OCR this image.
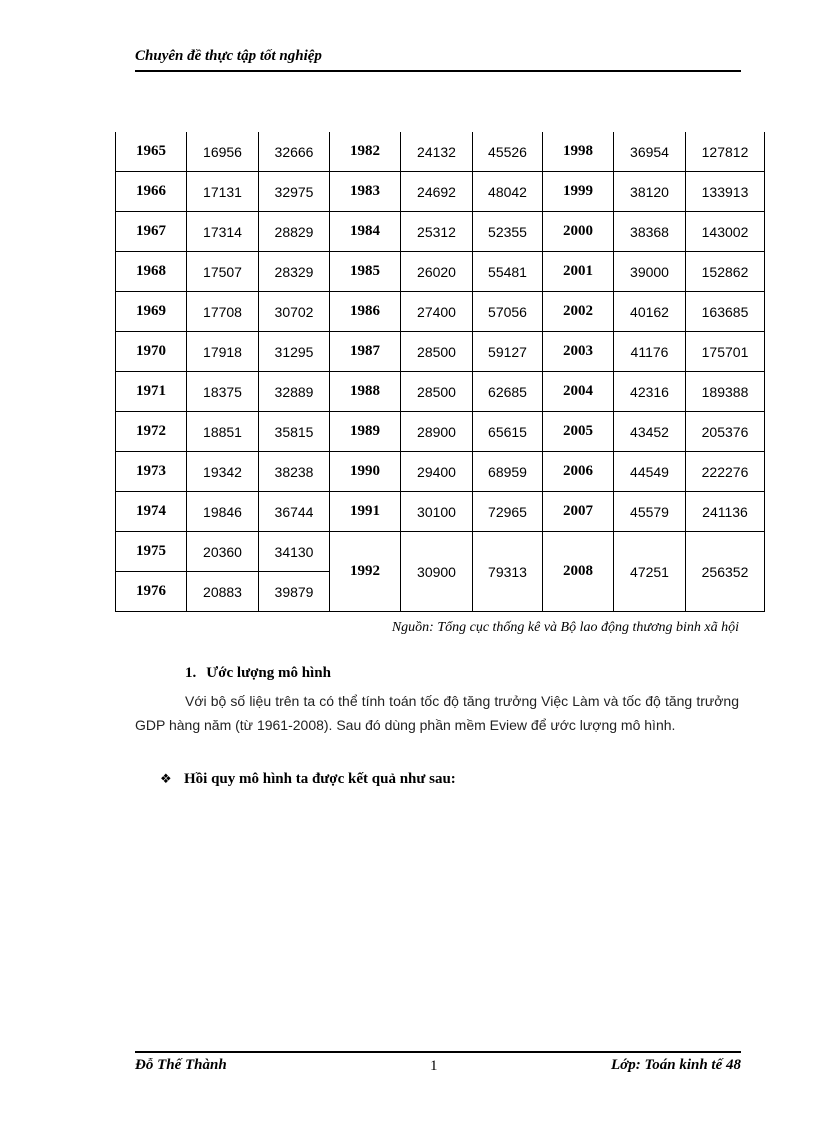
Chuyên đề thực tập tốt nghiệp
1965	16956	32666	1982	24132	45526	1998	36954	127812
1966	17131	32975	1983	24692	48042	1999	38120	133913
1967	17314	28829	1984	25312	52355	2000	38368	143002
1968	17507	28329	1985	26020	55481	2001	39000	152862
1969	17708	30702	1986	27400	57056	2002	40162	163685
1970	17918	31295	1987	28500	59127	2003	41176	175701
1971	18375	32889	1988	28500	62685	2004	42316	189388
1972	18851	35815	1989	28900	65615	2005	43452	205376
1973	19342	38238	1990	29400	68959	2006	44549	222276
1974	19846	36744	1991	30100	72965	2007	45579	241136
1975	20360	34130	1992	30900	79313	2008	47251	256352
1976	20883	39879						
Nguồn: Tổng cục thống kê và Bộ lao động thương binh xã hội
1. Ước lượng mô hình
Với bộ số liệu trên ta có thể tính toán tốc độ tăng trưởng Việc Làm và tốc độ tăng trưởng GDP hàng năm (từ 1961-2008). Sau đó dùng phần mềm Eview để ước lượng mô hình.
❖ Hồi quy mô hình ta được kết quả như sau:
Đỗ Thế Thành	1	Lớp: Toán kinh tế 48
